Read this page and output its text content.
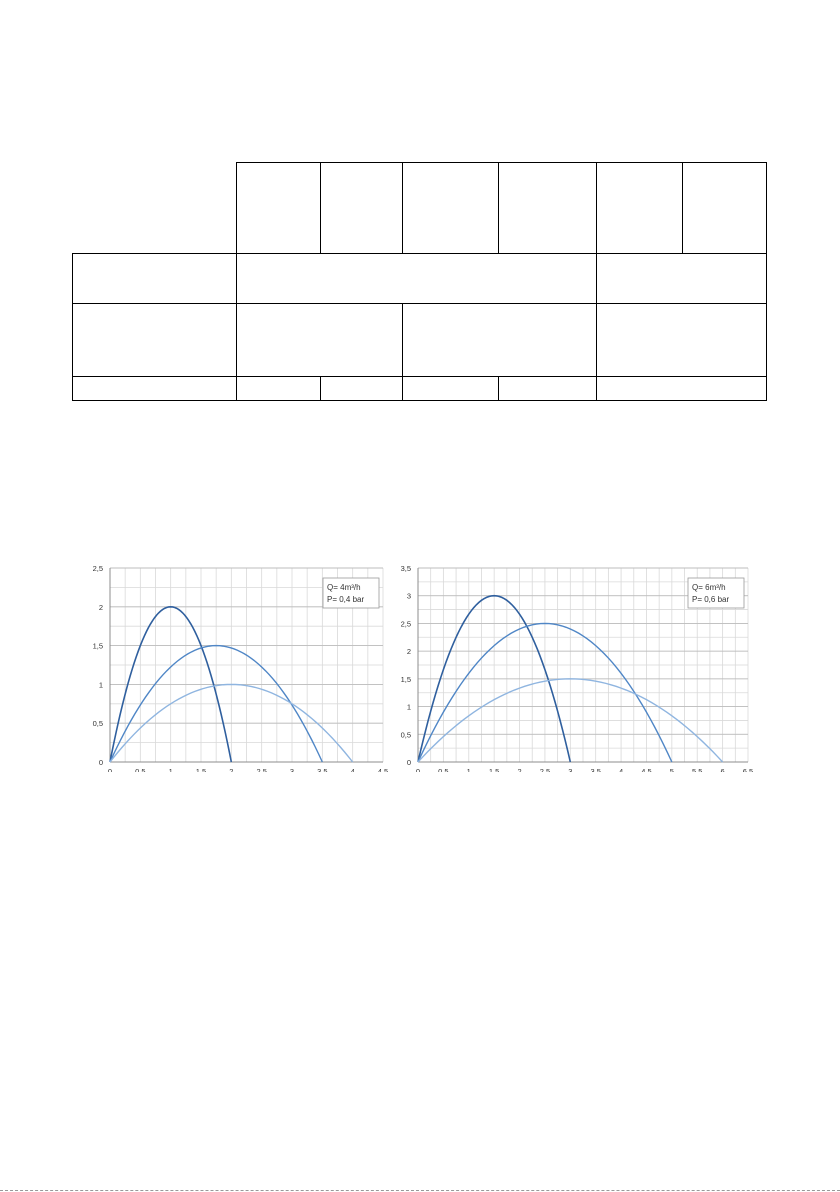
0	0,5	1	1,5	2	2,5	3	3,5	4	4,5
0
0,5
1
1,5
2
2,5
Q= 4m³/h
P= 0,4 bar
0 0,5 1 1,5 2 2,5 3 3,5 4 4,5 5 5,5 6 6,5
0
0,5
1
1,5
2
2,5
3
3,5
Q= 6m³/h
P= 0,6 bar
